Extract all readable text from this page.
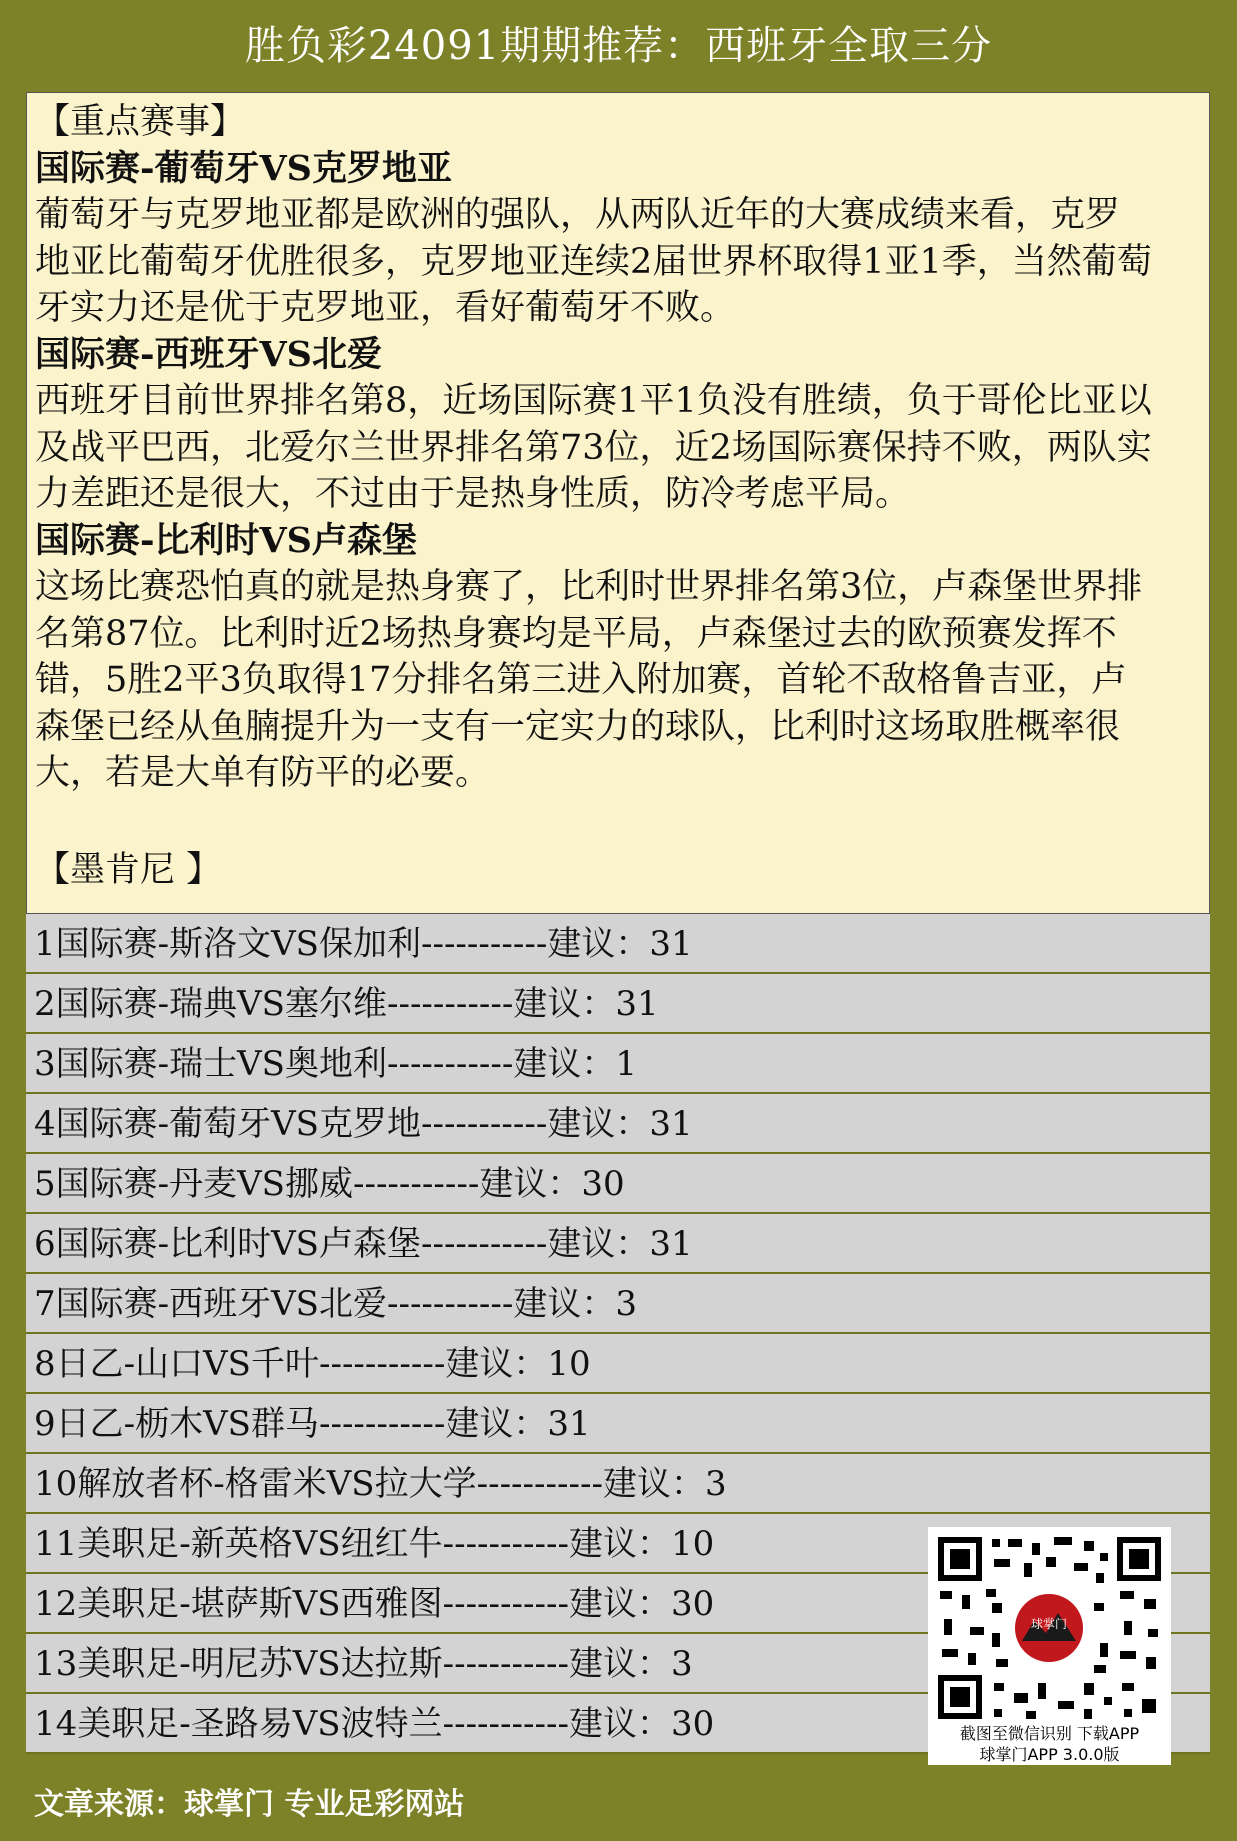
胜负彩24091期期推荐：西班牙全取三分

【重点赛事】

国际赛-葡萄牙VS克罗地亚

葡萄牙与克罗地亚都是欧洲的强队，从两队近年的大赛成绩来看，克罗

地亚比葡萄牙优胜很多，克罗地亚连续2届世界杯取得1亚1季，当然葡萄

牙实力还是优于克罗地亚，看好葡萄牙不败。

国际赛-西班牙VS北爱

西班牙目前世界排名第8，近场国际赛1平1负没有胜绩，负于哥伦比亚以

及战平巴西，北爱尔兰世界排名第73位，近2场国际赛保持不败，两队实

力差距还是很大，不过由于是热身性质，防冷考虑平局。

国际赛-比利时VS卢森堡

这场比赛恐怕真的就是热身赛了，比利时世界排名第3位，卢森堡世界排

名第87位。比利时近2场热身赛均是平局，卢森堡过去的欧预赛发挥不

错，5胜2平3负取得17分排名第三进入附加赛，首轮不敌格鲁吉亚，卢

森堡已经从鱼腩提升为一支有一定实力的球队，比利时这场取胜概率很

大，若是大单有防平的必要。

【墨肯尼 】

1国际赛-斯洛文VS保加利-----------建议：31
2国际赛-瑞典VS塞尔维-----------建议：31
3国际赛-瑞士VS奥地利-----------建议：1
4国际赛-葡萄牙VS克罗地-----------建议：31
5国际赛-丹麦VS挪威-----------建议：30
6国际赛-比利时VS卢森堡-----------建议：31
7国际赛-西班牙VS北爱-----------建议：3
8日乙-山口VS千叶-----------建议：10
9日乙-枥木VS群马-----------建议：31
10解放者杯-格雷米VS拉大学-----------建议：3
11美职足-新英格VS纽红牛-----------建议：10
12美职足-堪萨斯VS西雅图-----------建议：30
13美职足-明尼苏VS达拉斯-----------建议：3
14美职足-圣路易VS波特兰-----------建议：30
球掌门
截图至微信识别 下载APP
球掌门APP 3.0.0版
文章来源：球掌门 专业足彩网站
